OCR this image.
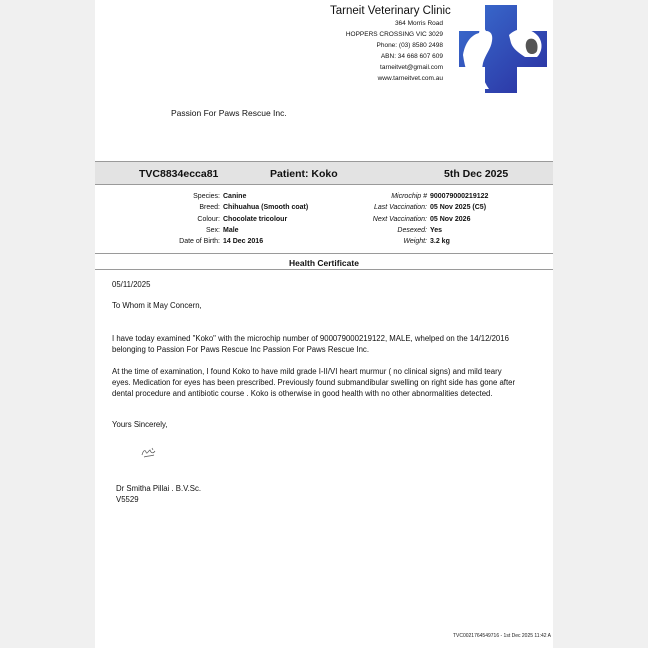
Tarneit Veterinary Clinic
364 Morris Road
HOPPERS CROSSING VIC 3029
Phone: (03) 8580 2498
ABN: 34 668 607 609
tarneitvet@gmail.com
www.tarneitvet.com.au
Passion For Paws Rescue Inc.
TVC8834ecca81	Patient: Koko	5th Dec 2025
Species: Canine
Breed: Chihuahua (Smooth coat)
Colour: Chocolate tricolour
Sex: Male
Date of Birth: 14 Dec 2016
Microchip # 900079000219122
Last Vaccination: 05 Nov 2025 (C5)
Next Vaccination: 05 Nov 2026
Desexed: Yes
Weight: 3.2 kg
Health Certificate
05/11/2025
To Whom it May Concern,
I have today examined "Koko" with the microchip number of 900079000219122, MALE, whelped on the 14/12/2016 belonging to Passion For Paws Rescue Inc Passion For Paws Rescue Inc.
At the time of examination, I found Koko to have mild grade I-II/VI heart murmur ( no clinical signs) and mild teary eyes. Medication for eyes has been prescribed. Previously found submandibular swelling on right side has gone after dental procedure and antibiotic course . Koko is otherwise in good health with no other abnormalities detected.
Yours Sincerely,
Dr Smitha Pillai . B.V.Sc.
V5529
TVC0021764549716 - 1st Dec 2025 11:42 A
